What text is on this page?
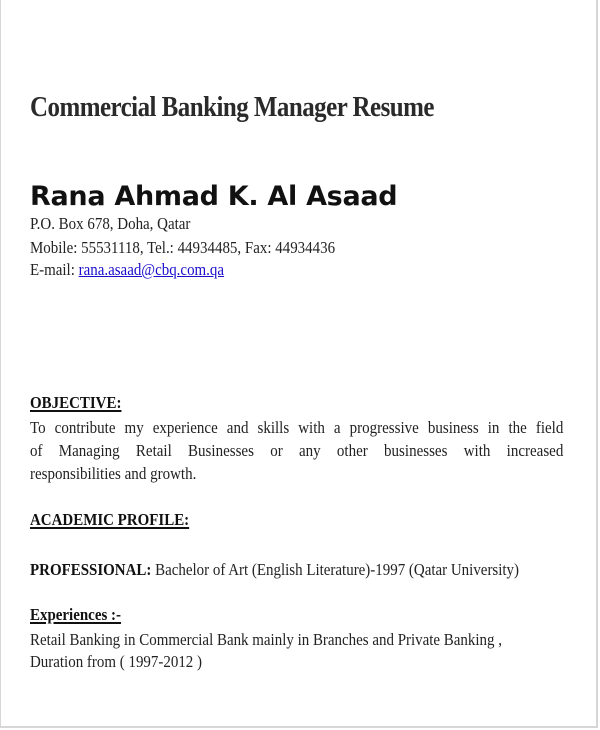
Commercial Banking Manager Resume
Rana Ahmad K. Al Asaad
P.O. Box 678, Doha, Qatar
Mobile: 55531118, Tel.: 44934485, Fax: 44934436
E-mail: rana.asaad@cbq.com.qa
OBJECTIVE:
To contribute my experience and skills with a progressive business in the field
of Managing Retail Businesses or any other businesses with increased
responsibilities and growth.
ACADEMIC PROFILE:
PROFESSIONAL: Bachelor of Art (English Literature)-1997 (Qatar University)
Experiences :-
Retail Banking in Commercial Bank mainly in Branches and Private Banking ,
Duration from ( 1997-2012 )
